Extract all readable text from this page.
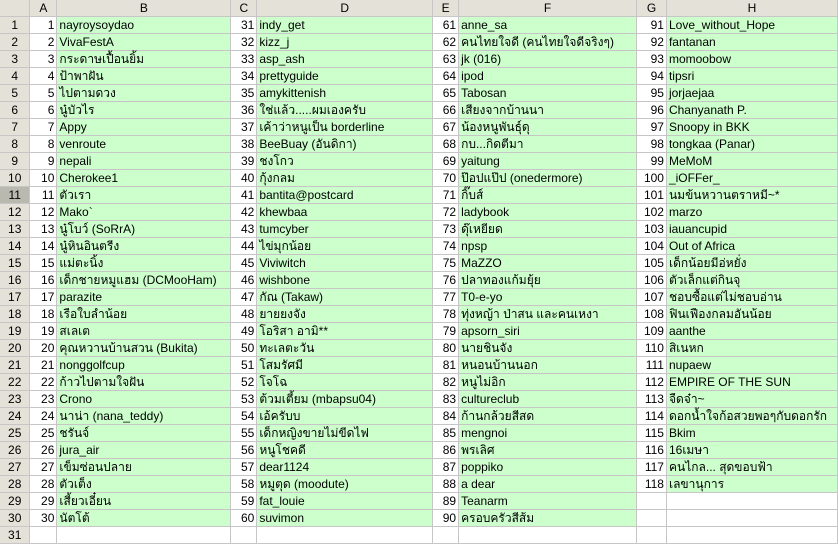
	A	B	C	D	E	F	G	H
1	1	nayroysoydao	31	indy_get	61	anne_sa	91	Love_without_Hope
2	2	VivaFestA	32	kizz_j	62	คนไทยใจดี (คนไทยใจดีจริงๆ)	92	fantanan
3	3	กระดาษเปื้อนยิ้ม	33	asp_ash	63	jk (016)	93	momoobow
4	4	ป้าพาฝัน	34	prettyguide	64	ipod	94	tipsri
5	5	ไปตามดวง	35	amykittenish	65	Tabosan	95	jorjaejaa
6	6	นู๋บัวไร	36	ใช่แล้ว.....ผมเองครับ	66	เสียงจากบ้านนา	96	Chanyanath P.
7	7	Appy	37	เค้าว่าหนูเป็น borderline	67	น้องหนูพันธุ์ดุ	97	Snoopy in BKK
8	8	venroute	38	BeeBuay (อันดิกา)	68	กบ...กิดตีมา	98	tongkaa (Panar)
9	9	nepali	39	ชงโกว	69	yaitung	99	MeMoM
10	10	Cherokee1	40	กุ้งกลม	70	ป๊อปแป๊ป (onedermore)	100	_iOFFer_
11	11	ตัวเรา	41	bantita@postcard	71	กิ๊บส์	101	นมข้นหวานตราหมี~*
12	12	Mako`	42	khewbaa	72	ladybook	102	marzo
13	13	นู๋โบว์ (SoRrA)	43	tumcyber	73	ดุ๊เหยียด	103	iauancupid
14	14	นู๋หินอินตรีง	44	ไข่มุกน้อย	74	npsp	104	Out of Africa
15	15	แม่ตะนิ้ง	45	Viviwitch	75	MaZZO	105	เด็กน้อยมีอ่หยั่ง
16	16	เด็กชายหมูแฮม (DCMooHam)	46	wishbone	76	ปลาทองแก้มยุ้ย	106	ตัวเล็กแต่กินจุ
17	17	parazite	47	กัณ (Takaw)	77	T0-e-yo	107	ชอบซื้อแต่ไม่ชอบอ่าน
18	18	เรือใบลำน้อย	48	ยายยงจัง	78	ทุ่งหญ้า ป่าสน และคนเหงา	108	ฟินเฟืองกลมอันน้อย
19	19	สเลเต	49	โอริสา อามิ**	79	apsorn_siri	109	aanthe
20	20	คุณหวานบ้านสวน (Bukita)	50	ทะเลตะวัน	80	นายชินจัง	110	สิเนหก
21	21	nonggolfcup	51	โสมรัศมี	81	หนอนบ้านนอก	111	nupaew
22	22	ก้าวไปตามใจฝัน	52	โจโฉ	82	หนูไม่อิก	112	EMPIRE OF THE SUN
23	23	Crono	53	ต้วมเตี้ยม (mbapsu04)	83	cultureclub	113	จืดจ๋า~
24	24	นาน่า (nana_teddy)	54	เอ้ครับบ	84	ก้านกล้วยสีสด	114	ดอกน้ำใจก้อสวยพอๆกับดอกรัก
25	25	ชรันจ์	55	เด็กหญิงขายไม่ขีดไฟ	85	mengnoi	115	Bkim
26	26	jura_air	56	หนูโชคดี	86	พรเลิศ	116	16เมษา
27	27	เข็มซ่อนปลาย	57	dear1124	87	poppiko	117	คนไกล... สุดขอบฟ้า
28	28	ตัวเต็ง	58	หมูตุด (moodute)	88	a dear	118	เลขานุการ
29	29	เสี้ยวเอี๋ยน	59	fat_louie	89	Teanarm		
30	30	นัตโต้	60	suvimon	90	ครอบครัวสีส้ม		
31								
